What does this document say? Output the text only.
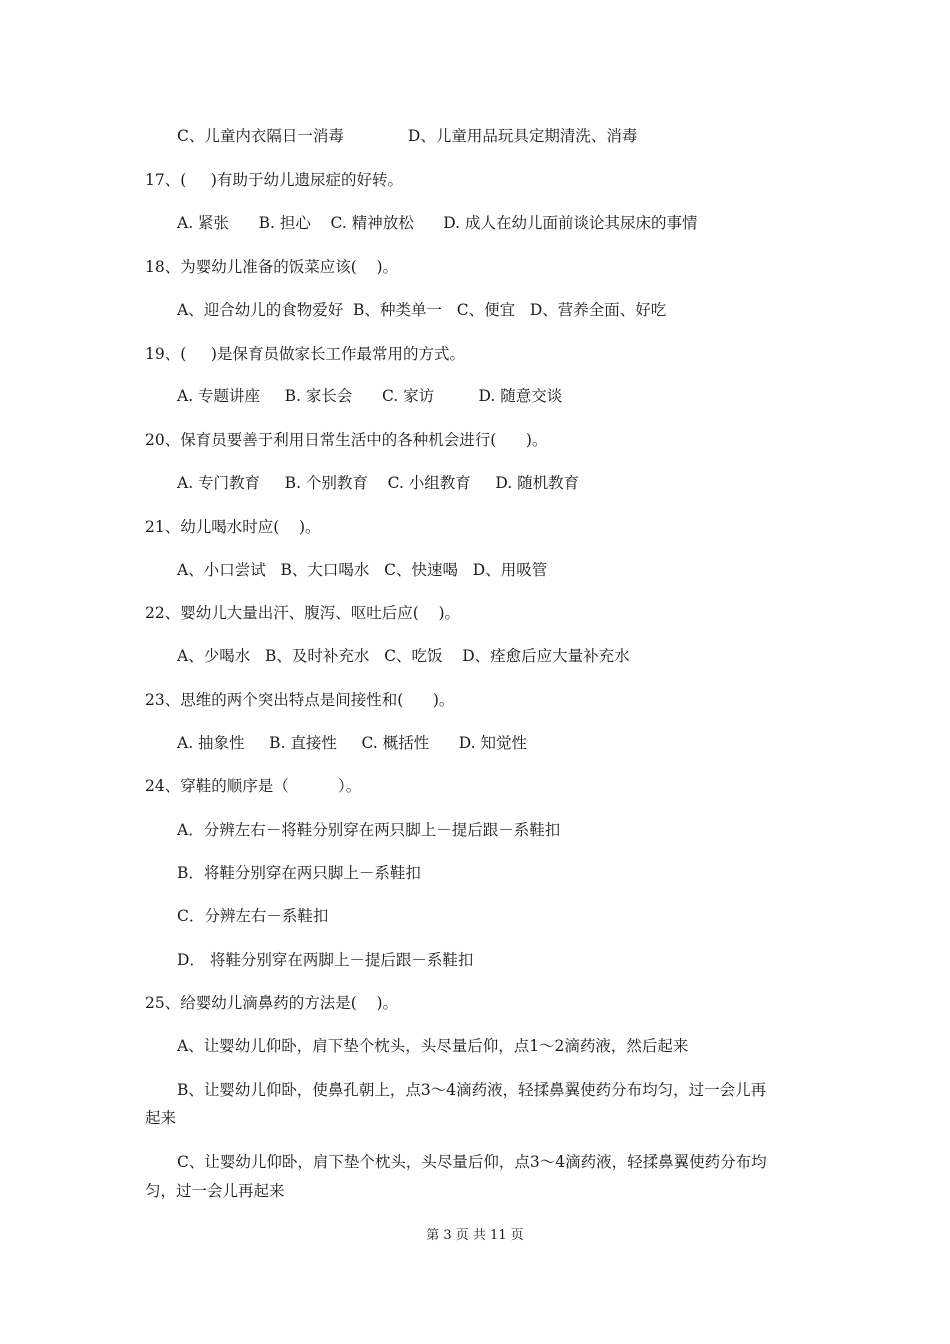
C、儿童内衣隔日一消毒             D、儿童用品玩具定期清洗、消毒
17、(     )有助于幼儿遗尿症的好转。
A. 紧张      B. 担心    C. 精神放松      D. 成人在幼儿面前谈论其尿床的事情
18、为婴幼儿准备的饭菜应该(    )。
A、迎合幼儿的食物爱好  B、种类单一   C、便宜   D、营养全面、好吃
19、(     )是保育员做家长工作最常用的方式。
A. 专题讲座     B. 家长会      C. 家访         D. 随意交谈
20、保育员要善于利用日常生活中的各种机会进行(      )。
A. 专门教育     B. 个别教育    C. 小组教育     D. 随机教育
21、幼儿喝水时应(    )。
A、小口尝试   B、大口喝水   C、快速喝   D、用吸管
22、婴幼儿大量出汗、腹泻、呕吐后应(    )。
A、少喝水   B、及时补充水   C、吃饭    D、痊愈后应大量补充水
23、思维的两个突出特点是间接性和(      )。
A. 抽象性     B. 直接性     C. 概括性      D. 知觉性
24、穿鞋的顺序是（          ）。
A．分辨左右－将鞋分别穿在两只脚上－提后跟－系鞋扣
B．将鞋分别穿在两只脚上－系鞋扣
C．分辨左右－系鞋扣
D． 将鞋分别穿在两脚上－提后跟－系鞋扣
25、给婴幼儿滴鼻药的方法是(    )。
A、让婴幼儿仰卧，肩下垫个枕头，头尽量后仰，点1～2滴药液，然后起来
B、让婴幼儿仰卧，使鼻孔朝上，点3～4滴药液，轻揉鼻翼使药分布均匀，过一会儿再
起来
C、让婴幼儿仰卧，肩下垫个枕头，头尽量后仰，点3～4滴药液，轻揉鼻翼使药分布均
匀，过一会儿再起来
第 3 页 共 11 页
